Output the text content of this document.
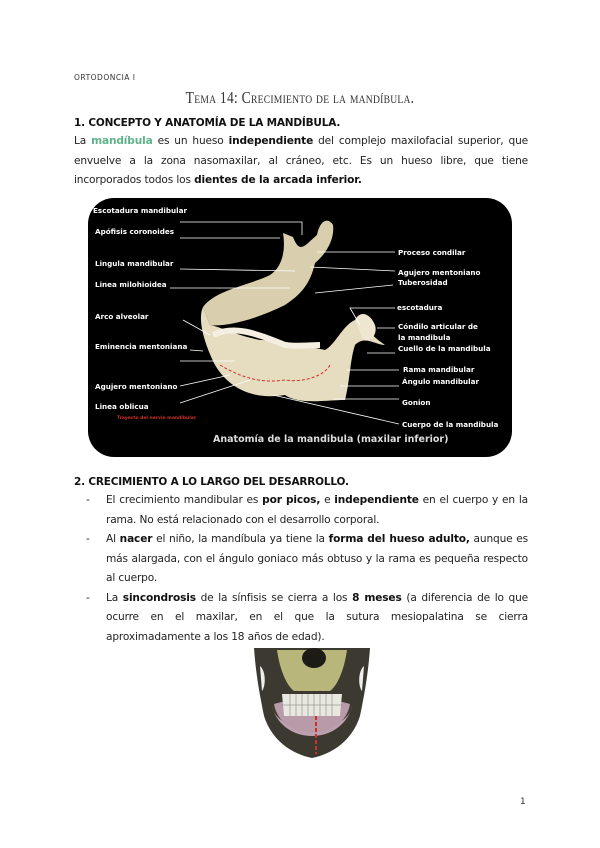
ORTODONCIA I
Tema 14: Crecimiento de la mandíbula.
1. CONCEPTO Y ANATOMÍA DE LA MANDÍBULA.
La mandíbula es un hueso independiente del complejo maxilofacial superior, que envuelve a la zona nasomaxilar, al cráneo, etc. Es un hueso libre, que tiene incorporados todos los dientes de la arcada inferior.
Escotadura mandibular
Apófisis coronoides
Lingula mandibular
Linea milohioidea
Arco alveolar
Eminencia mentoniana
Agujero mentoniano
Linea oblicua
Trayecto del nervio mandibular
Proceso condilar
Agujero mentoniano
Tuberosidad
escotadura
Cóndilo articular de
la mandibula
Cuello de la mandibula
Rama mandibular
Ángulo mandibular
Gonion
Cuerpo de la mandibula
Anatomía de la mandibula (maxilar inferior)
2. CRECIMIENTO A LO LARGO DEL DESARROLLO.
- El crecimiento mandibular es por picos, e independiente en el cuerpo y en la rama. No está relacionado con el desarrollo corporal.
- Al nacer el niño, la mandíbula ya tiene la forma del hueso adulto, aunque es más alargada, con el ángulo goniaco más obtuso y la rama es pequeña respecto al cuerpo.
- La sincondrosis de la sínfisis se cierra a los 8 meses (a diferencia de lo que ocurre en el maxilar, en el que la sutura mesiopalatina se cierra aproximadamente a los 18 años de edad).
1
